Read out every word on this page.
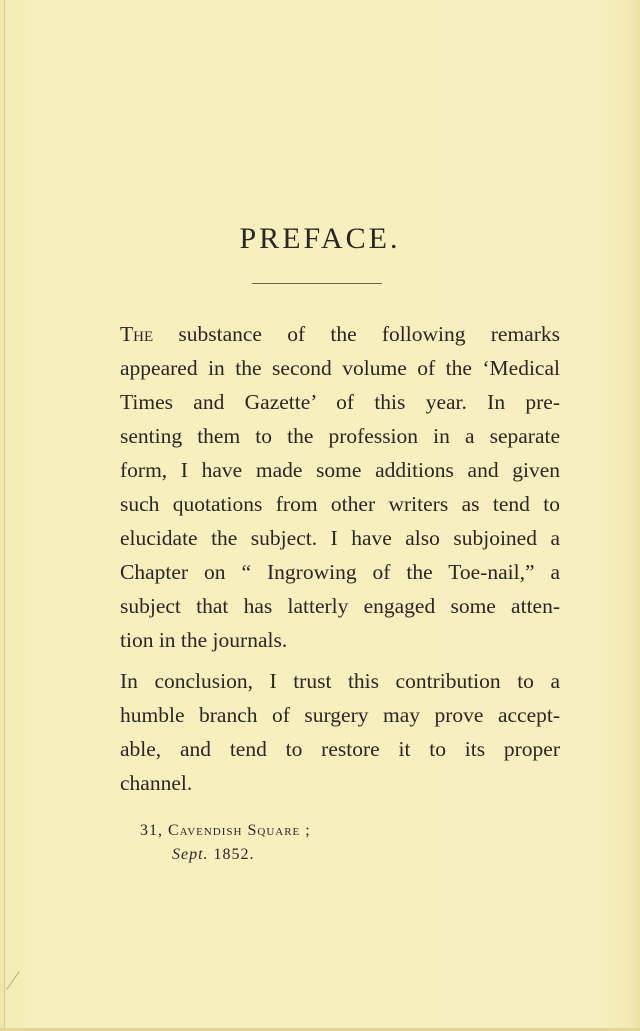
PREFACE.
The substance of the following remarks
appeared in the second volume of the ‘Medical
Times and Gazette’ of this year. In pre-
senting them to the profession in a separate
form, I have made some additions and given
such quotations from other writers as tend to
elucidate the subject. I have also subjoined a
Chapter on “ Ingrowing of the Toe-nail,” a
subject that has latterly engaged some atten-
tion in the journals.
In conclusion, I trust this contribution to a
humble branch of surgery may prove accept-
able, and tend to restore it to its proper
channel.
31, Cavendish Square ;
Sept. 1852.
